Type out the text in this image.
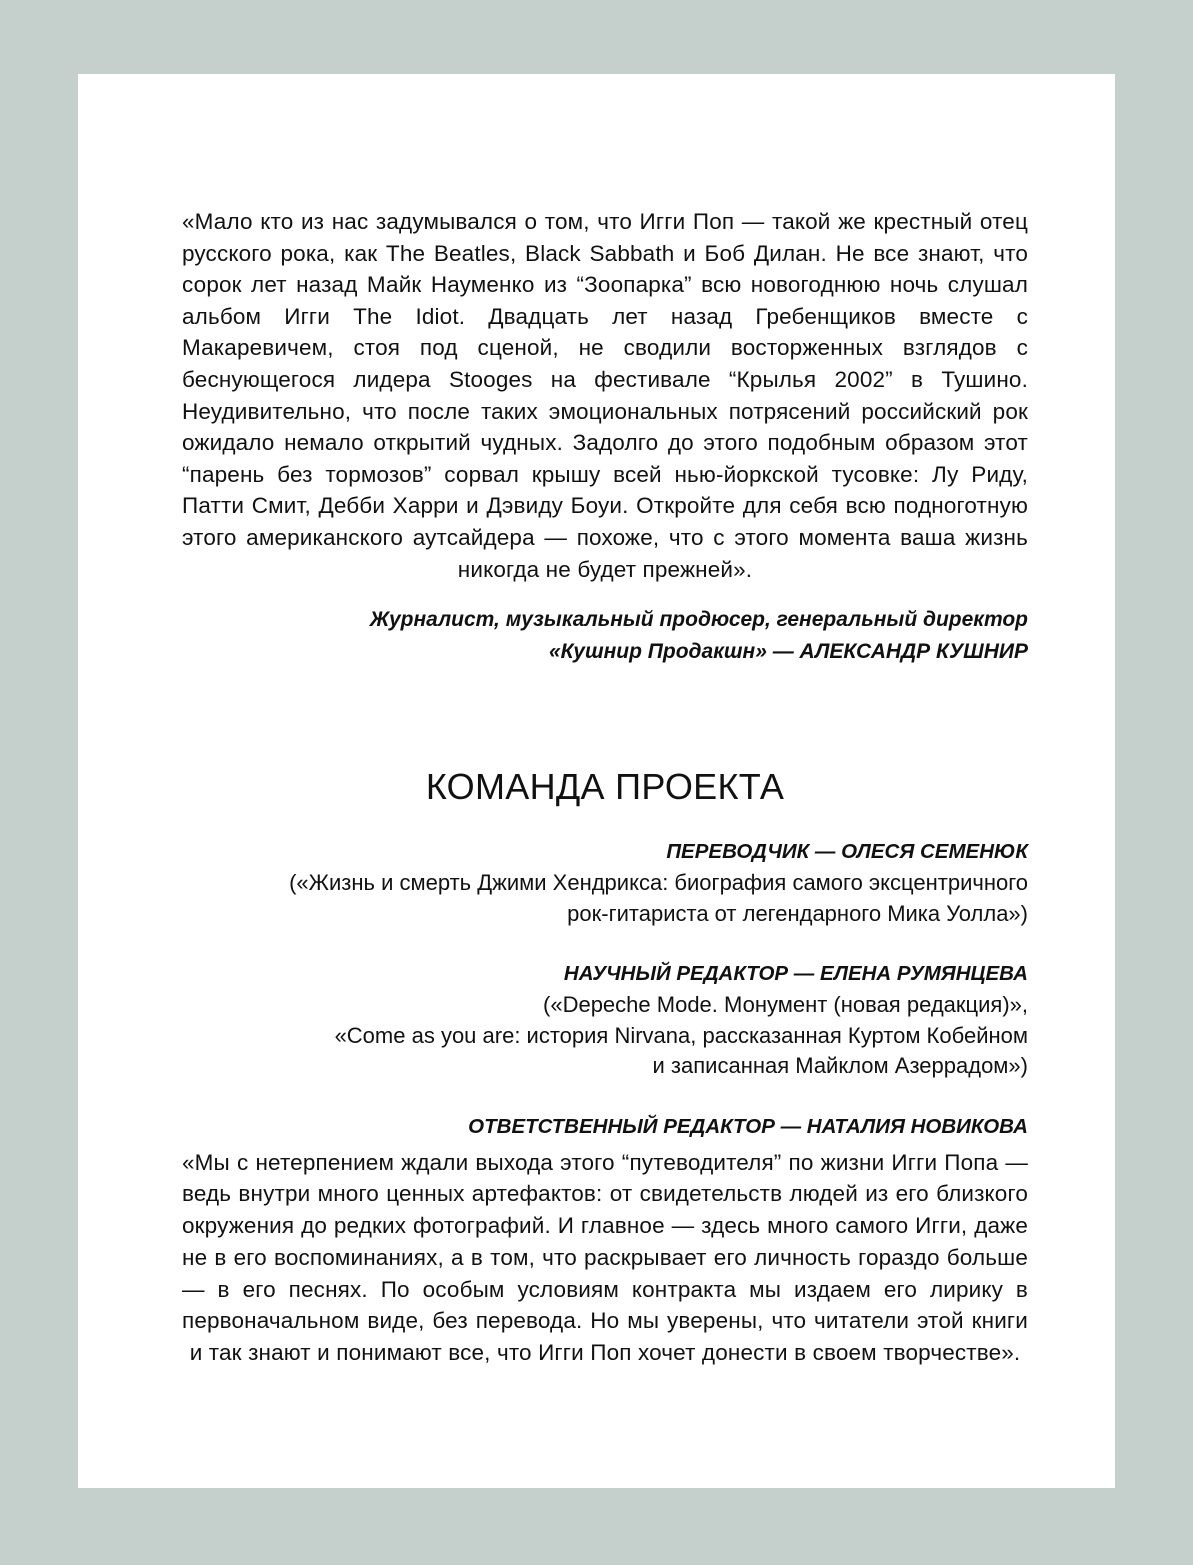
«Мало кто из нас задумывался о том, что Игги Поп — такой же крестный отец русского рока, как The Beatles, Black Sabbath и Боб Дилан. Не все знают, что сорок лет назад Майк Науменко из “Зоопарка” всю новогоднюю ночь слушал альбом Игги The Idiot. Двадцать лет назад Гребенщиков вместе с Макаревичем, стоя под сценой, не сводили восторженных взглядов с беснующегося лидера Stooges на фестивале “Крылья 2002” в Тушино. Неудивительно, что после таких эмоциональных потрясений российский рок ожидало немало открытий чудных. Задолго до этого подобным образом этот “парень без тормозов” сорвал крышу всей нью-йоркской тусовке: Лу Риду, Патти Смит, Дебби Харри и Дэвиду Боуи. Откройте для себя всю подноготную этого американского аутсайдера — похоже, что с этого момента ваша жизнь никогда не будет прежней».

Журналист, музыкальный продюсер, генеральный директор
«Кушнир Продакшн» — АЛЕКСАНДР КУШНИР
КОМАНДА ПРОЕКТА
ПЕРЕВОДЧИК — ОЛЕСЯ СЕМЕНЮК
(«Жизнь и смерть Джими Хендрикса: биография самого эксцентричного
рок-гитариста от легендарного Мика Уолла»)
НАУЧНЫЙ РЕДАКТОР — ЕЛЕНА РУМЯНЦЕВА
(«Depeche Mode. Монумент (новая редакция)»,
«Come as you are: история Nirvana, рассказанная Куртом Кобейном
и записанная Майклом Азеррадом»)
ОТВЕТСТВЕННЫЙ РЕДАКТОР — НАТАЛИЯ НОВИКОВА

«Мы с нетерпением ждали выхода этого “путеводителя” по жизни Игги Попа — ведь внутри много ценных артефактов: от свидетельств людей из его близкого окружения до редких фотографий. И главное — здесь много самого Игги, даже не в его воспоминаниях, а в том, что раскрывает его личность гораздо больше — в его песнях. По особым условиям контракта мы издаем его лирику в первоначальном виде, без перевода. Но мы уверены, что читатели этой книги и так знают и понимают все, что Игги Поп хочет донести в своем творчестве».
